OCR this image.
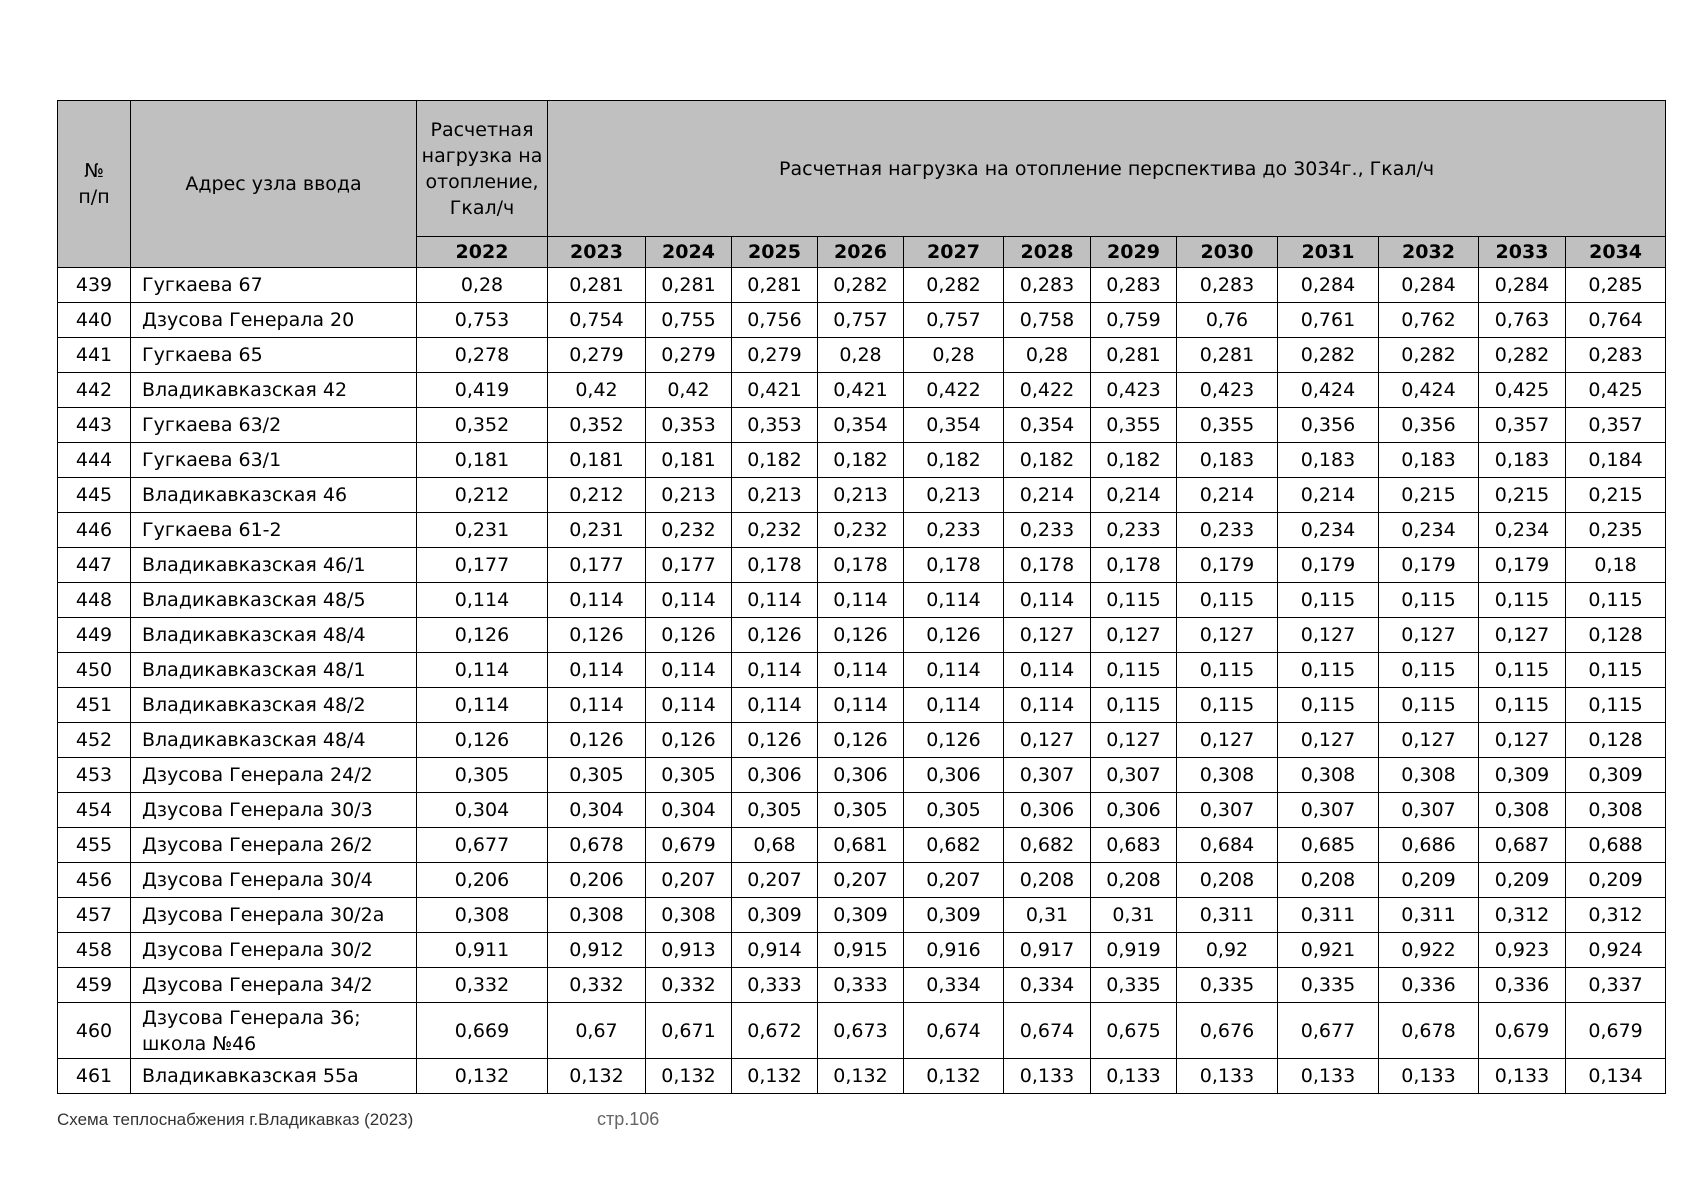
№
п/п	Адрес узла ввода	Расчетная нагрузка на отопление, Гкал/ч	Расчетная нагрузка на отопление перспектива до 3034г., Гкал/ч											
		2022	2023	2024	2025	2026	2027	2028	2029	2030	2031	2032	2033	2034
439	Гугкаева 67	0,28	0,281	0,281	0,281	0,282	0,282	0,283	0,283	0,283	0,284	0,284	0,284	0,285
440	Дзусова Генерала 20	0,753	0,754	0,755	0,756	0,757	0,757	0,758	0,759	0,76	0,761	0,762	0,763	0,764
441	Гугкаева 65	0,278	0,279	0,279	0,279	0,28	0,28	0,28	0,281	0,281	0,282	0,282	0,282	0,283
442	Владикавказская 42	0,419	0,42	0,42	0,421	0,421	0,422	0,422	0,423	0,423	0,424	0,424	0,425	0,425
443	Гугкаева 63/2	0,352	0,352	0,353	0,353	0,354	0,354	0,354	0,355	0,355	0,356	0,356	0,357	0,357
444	Гугкаева 63/1	0,181	0,181	0,181	0,182	0,182	0,182	0,182	0,182	0,183	0,183	0,183	0,183	0,184
445	Владикавказская 46	0,212	0,212	0,213	0,213	0,213	0,213	0,214	0,214	0,214	0,214	0,215	0,215	0,215
446	Гугкаева 61-2	0,231	0,231	0,232	0,232	0,232	0,233	0,233	0,233	0,233	0,234	0,234	0,234	0,235
447	Владикавказская 46/1	0,177	0,177	0,177	0,178	0,178	0,178	0,178	0,178	0,179	0,179	0,179	0,179	0,18
448	Владикавказская 48/5	0,114	0,114	0,114	0,114	0,114	0,114	0,114	0,115	0,115	0,115	0,115	0,115	0,115
449	Владикавказская 48/4	0,126	0,126	0,126	0,126	0,126	0,126	0,127	0,127	0,127	0,127	0,127	0,127	0,128
450	Владикавказская 48/1	0,114	0,114	0,114	0,114	0,114	0,114	0,114	0,115	0,115	0,115	0,115	0,115	0,115
451	Владикавказская 48/2	0,114	0,114	0,114	0,114	0,114	0,114	0,114	0,115	0,115	0,115	0,115	0,115	0,115
452	Владикавказская 48/4	0,126	0,126	0,126	0,126	0,126	0,126	0,127	0,127	0,127	0,127	0,127	0,127	0,128
453	Дзусова Генерала 24/2	0,305	0,305	0,305	0,306	0,306	0,306	0,307	0,307	0,308	0,308	0,308	0,309	0,309
454	Дзусова Генерала 30/3	0,304	0,304	0,304	0,305	0,305	0,305	0,306	0,306	0,307	0,307	0,307	0,308	0,308
455	Дзусова Генерала 26/2	0,677	0,678	0,679	0,68	0,681	0,682	0,682	0,683	0,684	0,685	0,686	0,687	0,688
456	Дзусова Генерала 30/4	0,206	0,206	0,207	0,207	0,207	0,207	0,208	0,208	0,208	0,208	0,209	0,209	0,209
457	Дзусова Генерала 30/2а	0,308	0,308	0,308	0,309	0,309	0,309	0,31	0,31	0,311	0,311	0,311	0,312	0,312
458	Дзусова Генерала 30/2	0,911	0,912	0,913	0,914	0,915	0,916	0,917	0,919	0,92	0,921	0,922	0,923	0,924
459	Дзусова Генерала 34/2	0,332	0,332	0,332	0,333	0,333	0,334	0,334	0,335	0,335	0,335	0,336	0,336	0,337
460	Дзусова Генерала 36;
школа №46	0,669	0,67	0,671	0,672	0,673	0,674	0,674	0,675	0,676	0,677	0,678	0,679	0,679
461	Владикавказская 55а	0,132	0,132	0,132	0,132	0,132	0,132	0,133	0,133	0,133	0,133	0,133	0,133	0,134
Схема теплоснабжения г.Владикавказ (2023)	стр.106
